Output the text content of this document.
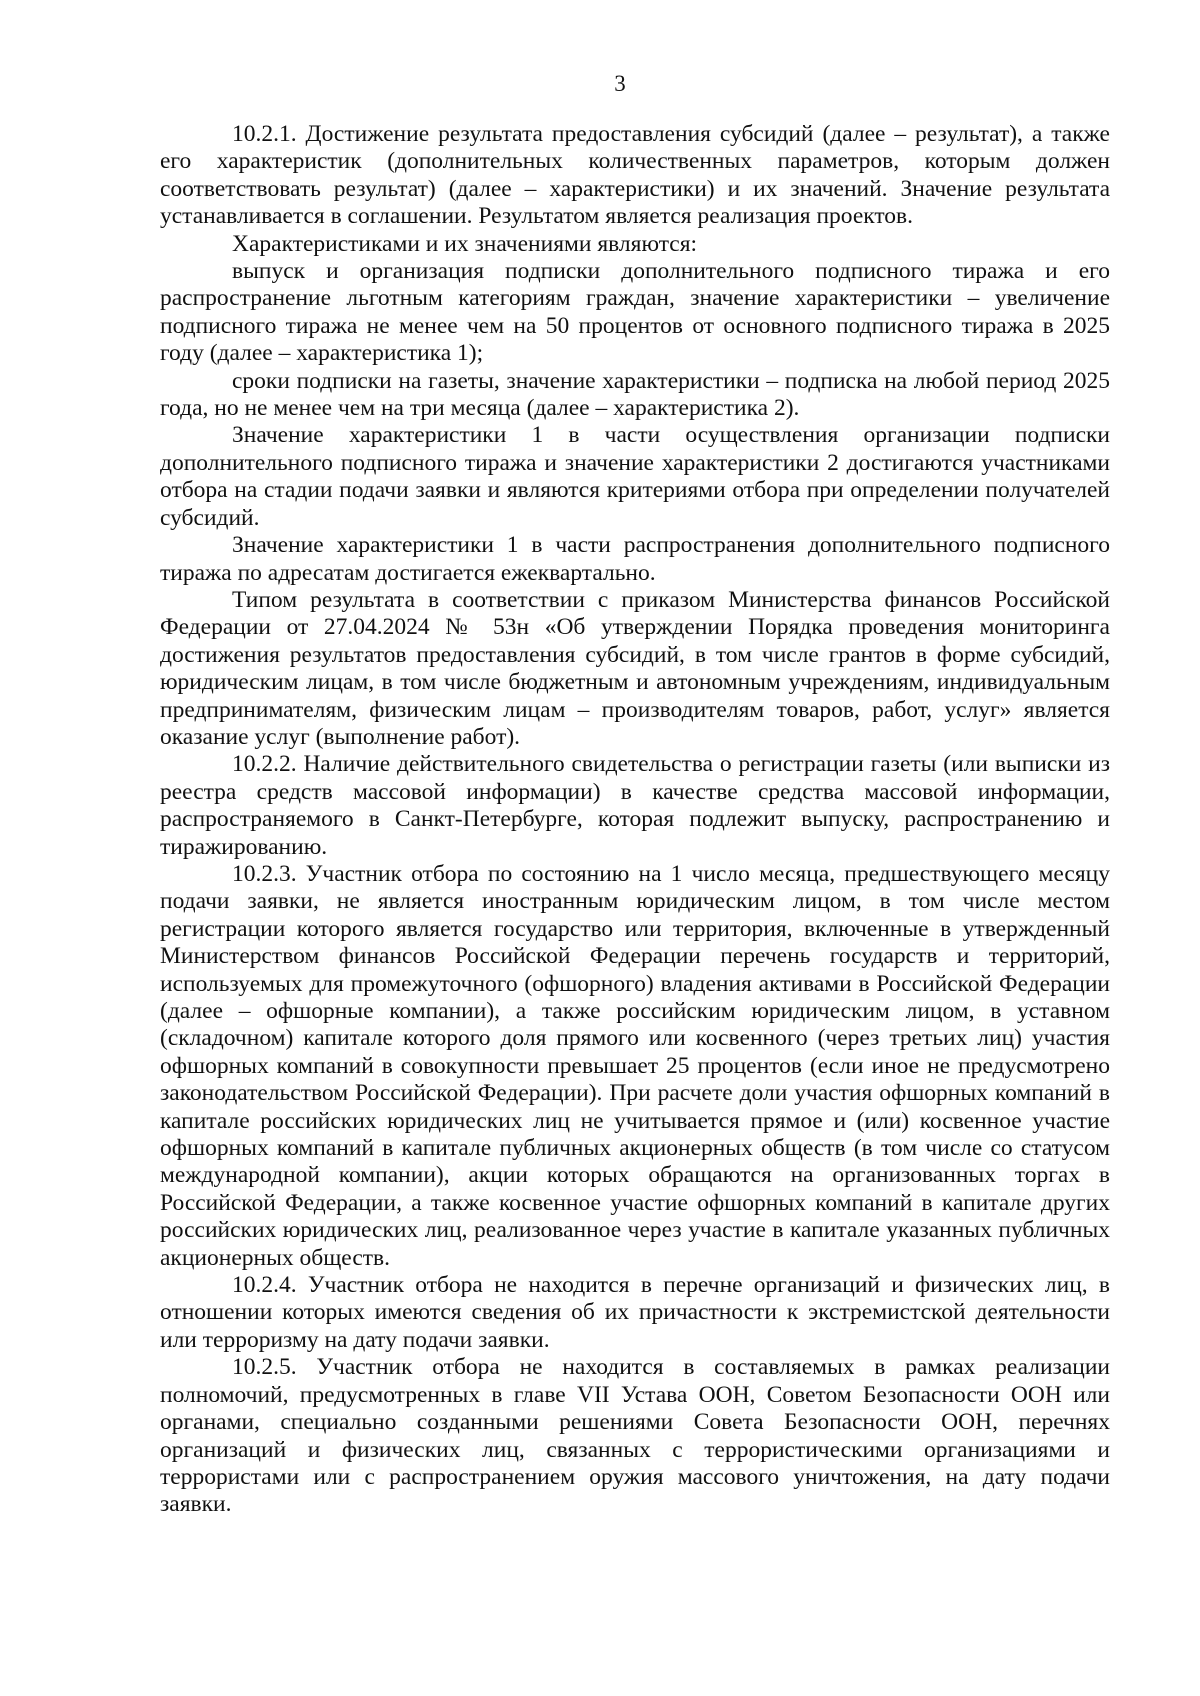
3

10.2.1. Достижение результата предоставления субсидий (далее – результат), а также его характеристик (дополнительных количественных параметров, которым должен соответствовать результат) (далее – характеристики) и их значений. Значение результата устанавливается в соглашении. Результатом является реализация проектов.

Характеристиками и их значениями являются:

выпуск и организация подписки дополнительного подписного тиража и его распространение льготным категориям граждан, значение характеристики – увеличение подписного тиража не менее чем на 50 процентов от основного подписного тиража в 2025 году (далее – характеристика 1);

сроки подписки на газеты, значение характеристики – подписка на любой период 2025 года, но не менее чем на три месяца (далее – характеристика 2).

Значение характеристики 1 в части осуществления организации подписки дополнительного подписного тиража и значение характеристики 2 достигаются участниками отбора на стадии подачи заявки и являются критериями отбора при определении получателей субсидий.

Значение характеристики 1 в части распространения дополнительного подписного тиража по адресатам достигается ежеквартально.

Типом результата в соответствии с приказом Министерства финансов Российской Федерации от 27.04.2024 № 53н «Об утверждении Порядка проведения мониторинга достижения результатов предоставления субсидий, в том числе грантов в форме субсидий, юридическим лицам, в том числе бюджетным и автономным учреждениям, индивидуальным предпринимателям, физическим лицам – производителям товаров, работ, услуг» является оказание услуг (выполнение работ).

10.2.2. Наличие действительного свидетельства о регистрации газеты (или выписки из реестра средств массовой информации) в качестве средства массовой информации, распространяемого в Санкт-Петербурге, которая подлежит выпуску, распространению и тиражированию.

10.2.3. Участник отбора по состоянию на 1 число месяца, предшествующего месяцу подачи заявки, не является иностранным юридическим лицом, в том числе местом регистрации которого является государство или территория, включенные в утвержденный Министерством финансов Российской Федерации перечень государств и территорий, используемых для промежуточного (офшорного) владения активами в Российской Федерации (далее – офшорные компании), а также российским юридическим лицом, в уставном (складочном) капитале которого доля прямого или косвенного (через третьих лиц) участия офшорных компаний в совокупности превышает 25 процентов (если иное не предусмотрено законодательством Российской Федерации). При расчете доли участия офшорных компаний в капитале российских юридических лиц не учитывается прямое и (или) косвенное участие офшорных компаний в капитале публичных акционерных обществ (в том числе со статусом международной компании), акции которых обращаются на организованных торгах в Российской Федерации, а также косвенное участие офшорных компаний в капитале других российских юридических лиц, реализованное через участие в капитале указанных публичных акционерных обществ.

10.2.4. Участник отбора не находится в перечне организаций и физических лиц, в отношении которых имеются сведения об их причастности к экстремистской деятельности или терроризму на дату подачи заявки.

10.2.5. Участник отбора не находится в составляемых в рамках реализации полномочий, предусмотренных в главе VII Устава ООН, Советом Безопасности ООН или органами, специально созданными решениями Совета Безопасности ООН, перечнях организаций и физических лиц, связанных с террористическими организациями и террористами или с распространением оружия массового уничтожения, на дату подачи заявки.
